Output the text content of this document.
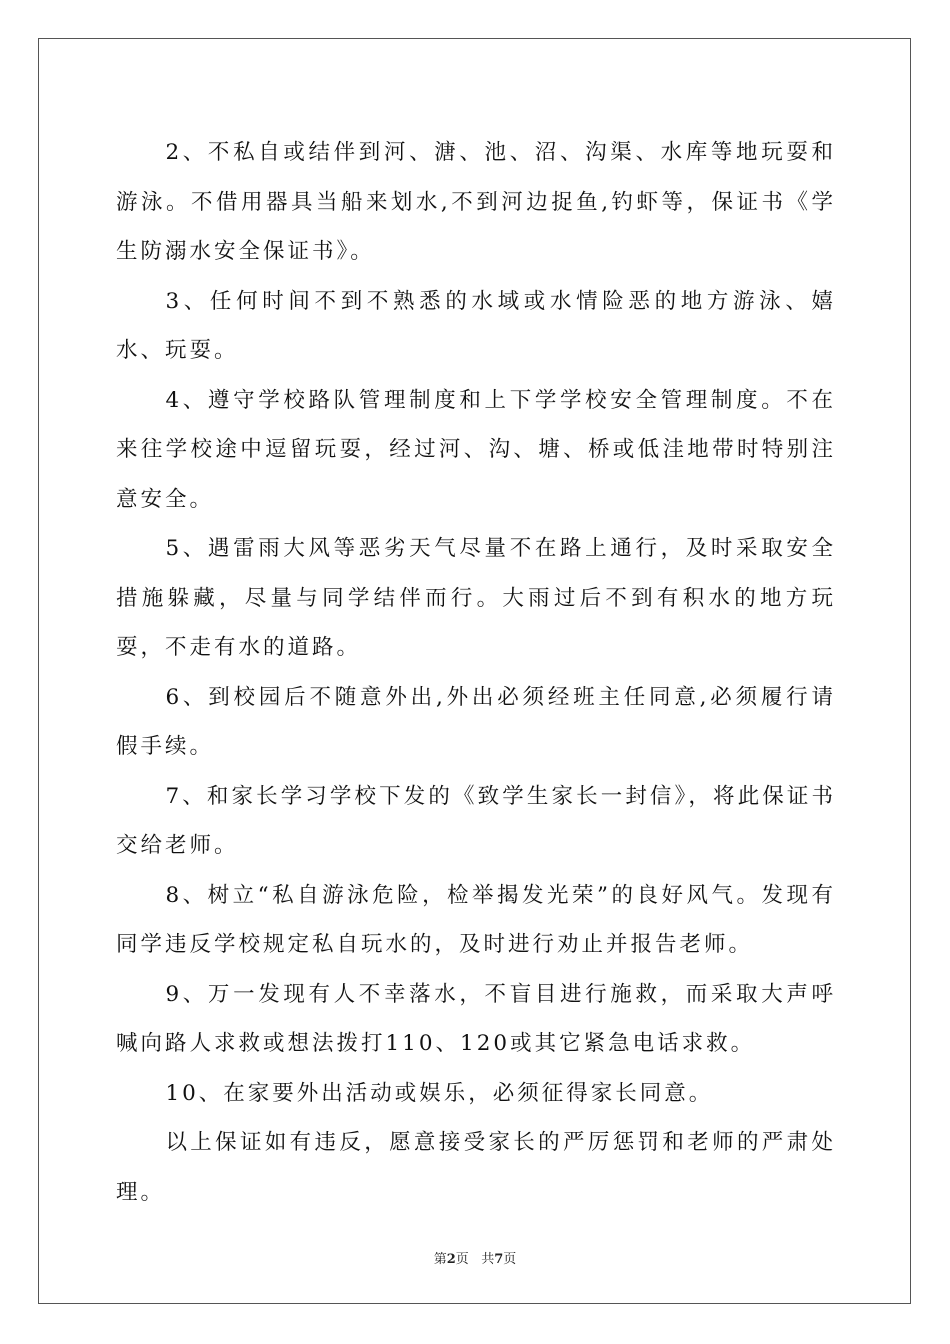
2、不私自或结伴到河、溏、池、沼、沟渠、水库等地玩耍和游泳。不借用器具当船来划水,不到河边捉鱼,钓虾等，保证书《学生防溺水安全保证书》。

3、任何时间不到不熟悉的水域或水情险恶的地方游泳、嬉水、玩耍。

4、遵守学校路队管理制度和上下学学校安全管理制度。不在来往学校途中逗留玩耍，经过河、沟、塘、桥或低洼地带时特别注意安全。

5、遇雷雨大风等恶劣天气尽量不在路上通行，及时采取安全措施躲藏，尽量与同学结伴而行。大雨过后不到有积水的地方玩耍，不走有水的道路。

6、到校园后不随意外出,外出必须经班主任同意,必须履行请假手续。

7、和家长学习学校下发的《致学生家长一封信》，将此保证书交给老师。

8、树立“私自游泳危险，检举揭发光荣”的良好风气。发现有同学违反学校规定私自玩水的，及时进行劝止并报告老师。

9、万一发现有人不幸落水，不盲目进行施救，而采取大声呼喊向路人求救或想法拨打110、120或其它紧急电话求救。

10、在家要外出活动或娱乐，必须征得家长同意。

以上保证如有违反，愿意接受家长的严厉惩罚和老师的严肃处理。

第2页 共7页
